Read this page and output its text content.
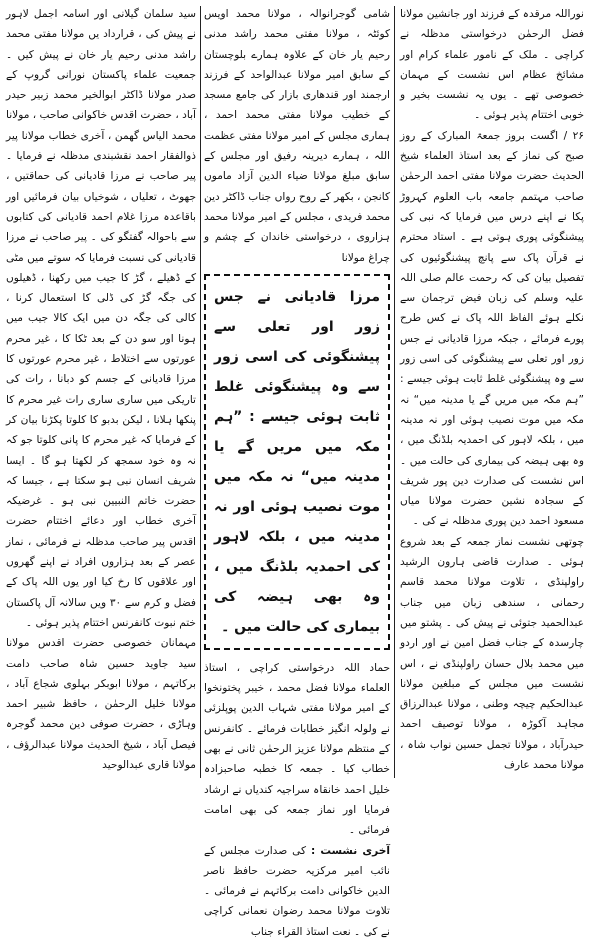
نوراللہ مرقدہ کے فرزند اور جانشین مولانا فضل الرحمٰن درخواستی مدظلہ نے کراچی ۔ ملک کے نامور علماء کرام اور مشائخ عظام اس نشست کے مہمان خصوصی تھے ۔ یوں یہ نشست بخیر و خوبی اختتام پذیر ہوئی ۔

۲۶ / اگست بروز جمعۃ المبارک کے روز صبح کی نماز کے بعد استاذ العلماء شیخ الحدیث حضرت مولانا مفتی احمد الرحمٰن صاحب مہتمم جامعہ باب العلوم کہروڑ پکا نے اپنے درس میں فرمایا کہ نبی کی پیشنگوئی پوری ہوتی ہے ۔ استاد محترم نے قرآن پاک سے پانچ پیشنگوئیوں کی تفصیل بیان کی کہ رحمت عالم صلی اللہ علیہ وسلم کی زبان فیض ترجمان سے نکلے ہوئے الفاظ اللہ پاک نے کس طرح پورے فرمائے ، جبکہ مرزا قادیانی نے جس زور اور تعلی سے پیشنگوئی کی اسی زور سے وہ پیشنگوئی غلط ثابت ہوئی جیسے : ”ہم مکہ میں مریں گے یا مدینہ میں“ نہ مکہ میں موت نصیب ہوئی اور نہ مدینہ میں ، بلکہ لاہور کی احمدیہ بلڈنگ میں ، وہ بھی ہیضہ کی بیماری کی حالت میں ۔ اس نشست کی صدارت دین پور شریف کے سجادہ نشین حضرت مولانا میاں مسعود احمد دین پوری مدظلہ نے کی ۔

چوتھی نشست نماز جمعہ کے بعد شروع ہوئی ۔ صدارت قاضی ہارون الرشید راولپنڈی ، تلاوت مولانا محمد قاسم رحمانی ، سندھی زبان میں جناب عبدالحمید جتوئی نے پیش کی ۔ پشتو میں چارسدہ کے جناب فضل امین نے اور اردو میں محمد بلال حسان راولپنڈی نے ، اس نشست میں مجلس کے مبلغین مولانا عبدالحکیم چیچہ وطنی ، مولانا عبدالرزاق مجاہد آکوڑہ ، مولانا توصیف احمد حیدرآباد ، مولانا تجمل حسین نواب شاہ ، مولانا محمد عارف

شامی گوجرانوالہ ، مولانا محمد اویس کوئٹہ ، مولانا مفتی محمد راشد مدنی رحیم یار خان کے علاوہ ہمارے بلوچستان کے سابق امیر مولانا عبدالواحد کے فرزند ارجمند اور قندھاری بازار کی جامع مسجد کے خطیب مولانا مفتی محمد احمد ، ہماری مجلس کے امیر مولانا مفتی عظمت اللہ ، ہمارے دیرینہ رفیق اور مجلس کے سابق مبلغ مولانا ضیاء الدین آزاد ماموں کانجن ، بکھر کے روح رواں جناب ڈاکٹر دین محمد فریدی ، مجلس کے امیر مولانا محمد ہزاروی ، درخواستی خاندان کے چشم و چراغ مولانا

مرزا قادیانی نے جس زور اور تعلی سے پیشنگوئی کی اسی زور سے وہ پیشنگوئی غلط ثابت ہوئی جیسے : ”ہم مکہ میں مریں گے یا مدینہ میں“ نہ مکہ میں موت نصیب ہوئی اور نہ مدینہ میں ، بلکہ لاہور کی احمدیہ بلڈنگ میں ، وہ بھی ہیضہ کی بیماری کی حالت میں ۔

حماد اللہ درخواستی کراچی ، استاذ العلماء مولانا فضل محمد ، خیبر پختونخوا کے امیر مولانا مفتی شہاب الدین پوپلزئی نے ولولہ انگیز خطابات فرمائے ۔ کانفرنس کے منتظم مولانا عزیز الرحمٰن ثانی نے بھی خطاب کیا ۔ جمعہ کا خطبہ صاحبزادہ خلیل احمد خانقاہ سراجیہ کندیاں نے ارشاد فرمایا اور نماز جمعہ کی بھی امامت فرمائی ۔

آخری نشست : کی صدارت مجلس کے نائب امیر مرکزیہ حضرت حافظ ناصر الدین خاکوانی دامت برکاتہم نے فرمائی ۔ تلاوت مولانا محمد رضوان نعمانی کراچی نے کی ۔ نعت استاذ القراء جناب

سید سلمان گیلانی اور اسامہ اجمل لاہور نے پیش کی ، قرارداد یں مولانا مفتی محمد راشد مدنی رحیم یار خان نے پیش کیں ۔ جمعیت علماء پاکستان نورانی گروپ کے صدر مولانا ڈاکٹر ابوالخیر محمد زبیر حیدر آباد ، حضرت اقدس خاکوانی صاحب ، مولانا محمد الیاس گھمن ، آخری خطاب مولانا پیر ذوالفقار احمد نقشبندی مدظلہ نے فرمایا ۔ پیر صاحب نے مرزا قادیانی کی حماقتیں ، جھوٹ ، تعلیاں ، شوخیاں بیان فرمائیں اور باقاعدہ مرزا غلام احمد قادیانی کی کتابوں سے باحوالہ گفتگو کی ۔ پیر صاحب نے مرزا قادیانی کی نسبت فرمایا کہ سوتے میں مٹی کے ڈھیلے ، گڑ کا جیب میں رکھنا ، ڈھیلوں کی جگہ گڑ کی ڈلی کا استعمال کرنا ، کالی کی جگہ دن میں ایک کالا جیب میں ہونا اور سو دن کے بعد ٹکا کا ، غیر محرم عورتوں سے اختلاط ، غیر محرم عورتوں کا مرزا قادیانی کے جسم کو دبانا ، رات کی تاریکی میں ساری ساری رات غیر محرم کا پنکھا ہلانا ، لیکن بدبو کا کلوتا پکڑنا بیان کر کے فرمایا کہ غیر محرم کا پانی کلوتا جو کہ نہ وہ خود سمجھ کر لکھتا ہو گا ۔ ایسا شریف انسان نبی ہو سکتا ہے ، جیسا کہ حضرت خاتم النبیین نبی ہو ۔ غرضیکہ آخری خطاب اور دعائے اختتام حضرت اقدس پیر صاحب مدظلہ نے فرمائی ، نماز عصر کے بعد ہزاروں افراد نے اپنے گھروں اور علاقوں کا رخ کیا اور یوں اللہ پاک کے فضل و کرم سے ۳۰ ویں سالانہ آل پاکستان ختم نبوت کانفرنس اختتام پذیر ہوئی ۔

مہمانان خصوصی حضرت اقدس مولانا سید جاوید حسین شاہ صاحب دامت برکاتہم ، مولانا ابوبکر بہلوی شجاع آباد ، مولانا خلیل الرحمٰن ، حافظ شبیر احمد وہاڑی ، حضرت صوفی دین محمد گوجرہ فیصل آباد ، شیخ الحدیث مولانا عبدالرؤف ، مولانا قاری عبدالوحید
